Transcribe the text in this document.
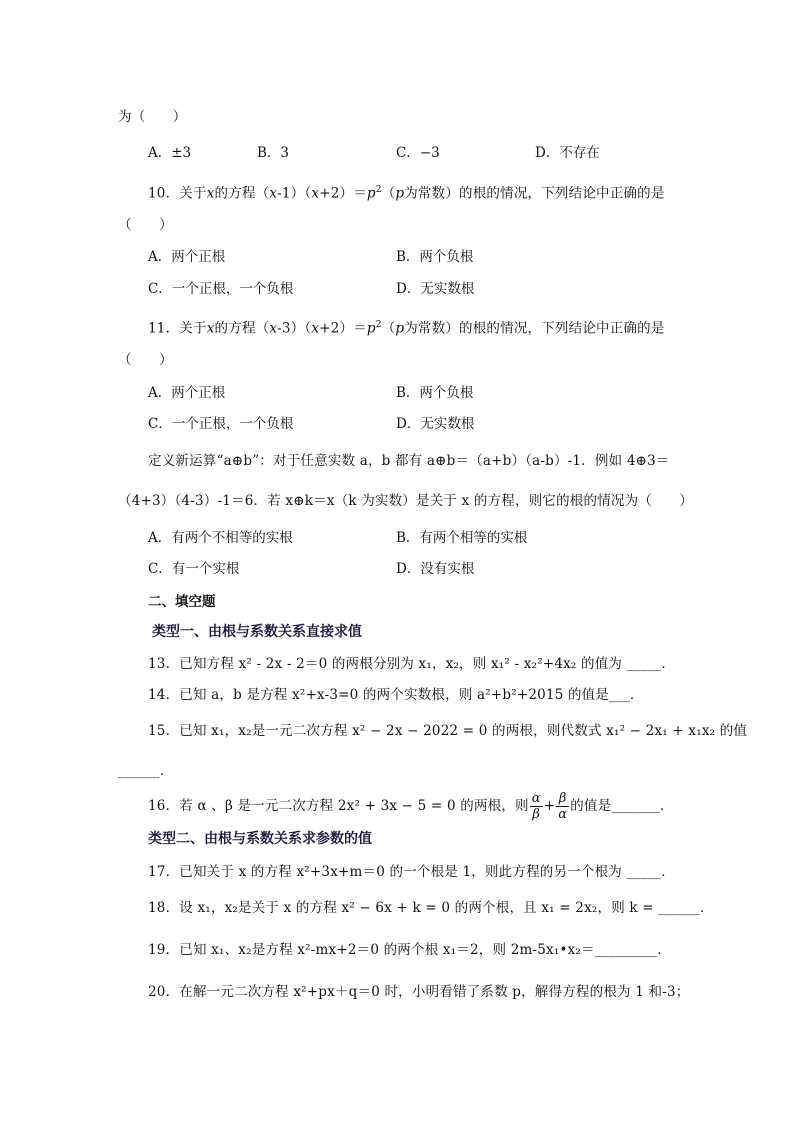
为（　　）
A．±3	B．3	C．−3	D．不存在
10．关于x的方程$(x-1)(x+2)=p^2(p$为常数）的根的情况，下列结论中正确的是
（　　）
A．两个正根	B．两个负根
C．一个正根，一个负根	D．无实数根
11．关于x的方程$(x-3)(x+2)=p^2(p$为常数）的根的情况，下列结论中正确的是
（　　）
A．两个正根	B．两个负根
C．一个正根，一个负根	D．无实数根
定义新运算“a⊕b”：对于任意实数 a，b 都有 a⊕b＝（a+b）（a-b）-1．例如 4⊕3＝
（4+3）（4-3）-1＝6．若 x⊕k＝x（k 为实数）是关于 x 的方程，则它的根的情况为（　　）
A．有两个不相等的实根	B．有两个相等的实根
C．有一个实根	D．没有实根
二、填空题
类型一、由根与系数关系直接求值
13．已知方程 x² - 2x - 2＝0 的两根分别为 x₁，x₂，则 x₁² - x₂²+4x₂ 的值为 _____．
14．已知 a，b 是方程 x²+x-3=0 的两个实数根，则 a²+b²+2015 的值是___．
15．已知 x₁，x₂是一元二次方程 x² − 2x − 2022 = 0 的两根，则代数式 x₁² − 2x₁ + x₁x₂ 的值
______．
16．若 α 、β 是一元二次方程 2x² + 3x − 5 = 0 的两根，则 $\frac{\alpha}{\beta} + \frac{\beta}{\alpha}$ 的值是_______．
类型二、由根与系数关系求参数的值
17．已知关于 x 的方程 x²+3x+m＝0 的一个根是 1，则此方程的另一个根为 _____．
18．设 x₁，x₂是关于 x 的方程 x² − 6x + k = 0 的两个根，且 x₁ = 2x₂，则 k = ______．
19．已知 x₁、x₂是方程 x²-mx+2＝0 的两个根 x₁＝2，则 2m-5x₁•x₂＝_________．
20．在解一元二次方程 x²+px＋q＝0 时，小明看错了系数 p，解得方程的根为 1 和-3；
